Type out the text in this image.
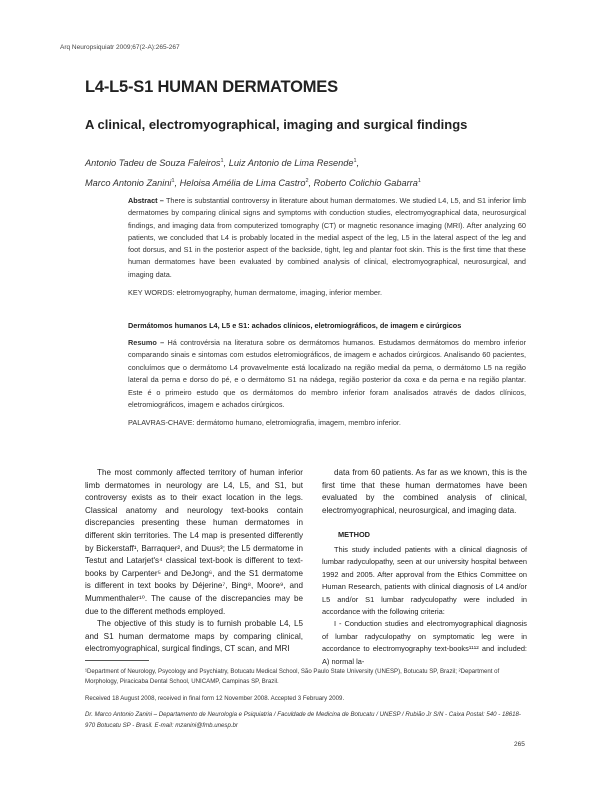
Arq Neuropsiquiatr 2009;67(2-A):265-267
L4-L5-S1 HUMAN DERMATOMES
A clinical, electromyographical, imaging and surgical findings
Antonio Tadeu de Souza Faleiros$^1$, Luiz Antonio de Lima Resende$^1$,
Marco Antonio Zanini$^1$, Heloisa Amélia de Lima Castro$^2$, Roberto Colichio Gabarra$^1$
Abstract – There is substantial controversy in literature about human dermatomes. We studied L4, L5, and S1 inferior limb dermatomes by comparing clinical signs and symptoms with conduction studies, electromyographical data, neurosurgical findings, and imaging data from computerized tomography (CT) or magnetic resonance imaging (MRI). After analyzing 60 patients, we concluded that L4 is probably located in the medial aspect of the leg, L5 in the lateral aspect of the leg and foot dorsus, and S1 in the posterior aspect of the backside, tight, leg and plantar foot skin. This is the first time that these human dermatomes have been evaluated by combined analysis of clinical, electromyographical, neurosurgical, and imaging data.
KEY WORDS: eletromyography, human dermatome, imaging, inferior member.
Dermátomos humanos L4, L5 e S1: achados clínicos, eletromiográficos, de imagem e cirúrgicos
Resumo – Há controvérsia na literatura sobre os dermátomos humanos. Estudamos dermátomos do membro inferior comparando sinais e sintomas com estudos eletromiográficos, de imagem e achados cirúrgicos. Analisando 60 pacientes, concluímos que o dermátomo L4 provavelmente está localizado na região medial da perna, o dermátomo L5 na região lateral da perna e dorso do pé, e o dermátomo S1 na nádega, região posterior da coxa e da perna e na região plantar. Este é o primeiro estudo que os dermátomos do membro inferior foram analisados através de dados clínicos, eletromiográficos, imagem e achados cirúrgicos.
PALAVRAS-CHAVE: dermátomo humano, eletromiografia, imagem, membro inferior.

The most commonly affected territory of human inferior limb dermatomes in neurology are L4, L5, and S1, but controversy exists as to their exact location in the legs. Classical anatomy and neurology text-books contain discrepancies presenting these human dermatomes in different skin territories. The L4 map is presented differently by Bickerstaff¹, Barraquer², and Duus³; the L5 dermatome in Testut and Latarjet's⁴ classical text-book is different to text-books by Carpenter⁵ and DeJong⁶, and the S1 dermatome is different in text books by Déjerine⁷, Bing⁸, Moore⁹, and Mummenthaler¹⁰. The cause of the discrepancies may be due to the different methods employed.

The objective of this study is to furnish probable L4, L5 and S1 human dermatome maps by comparing clinical, electromyographical, surgical findings, CT scan, and MRI

data from 60 patients. As far as we known, this is the first time that these human dermatomes have been evaluated by the combined analysis of clinical, electromyographical, neurosurgical, and imaging data.

METHOD

This study included patients with a clinical diagnosis of lumbar radyculopathy, seen at our university hospital between 1992 and 2005. After approval from the Ethics Committee on Human Research, patients with clinical diagnosis of L4 and/or L5 and/or S1 lumbar radyculopathy were included in accordance with the following criteria:

I - Conduction studies and electromyographical diagnosis of lumbar radyculopathy on symptomatic leg were in accordance to electromyography text-books¹¹¹² and included: A) normal la-

¹Department of Neurology, Psycology and Psychiatry, Botucatu Medical School, São Paulo State University (UNESP), Botucatu SP, Brazil; ²Department of Morphology, Piracicaba Dental School, UNICAMP, Campinas SP, Brazil.

Received 18 August 2008, received in final form 12 November 2008. Accepted 3 February 2009.

Dr. Marco Antonio Zanini – Departamento de Neurologia e Psiquiatria / Faculdade de Medicina de Botucatu / UNESP / Rubião Jr S/N - Caixa Postal: 540 - 18618-970 Botucatu SP - Brasil. E-mail: mzanini@fmb.unesp.br

265
